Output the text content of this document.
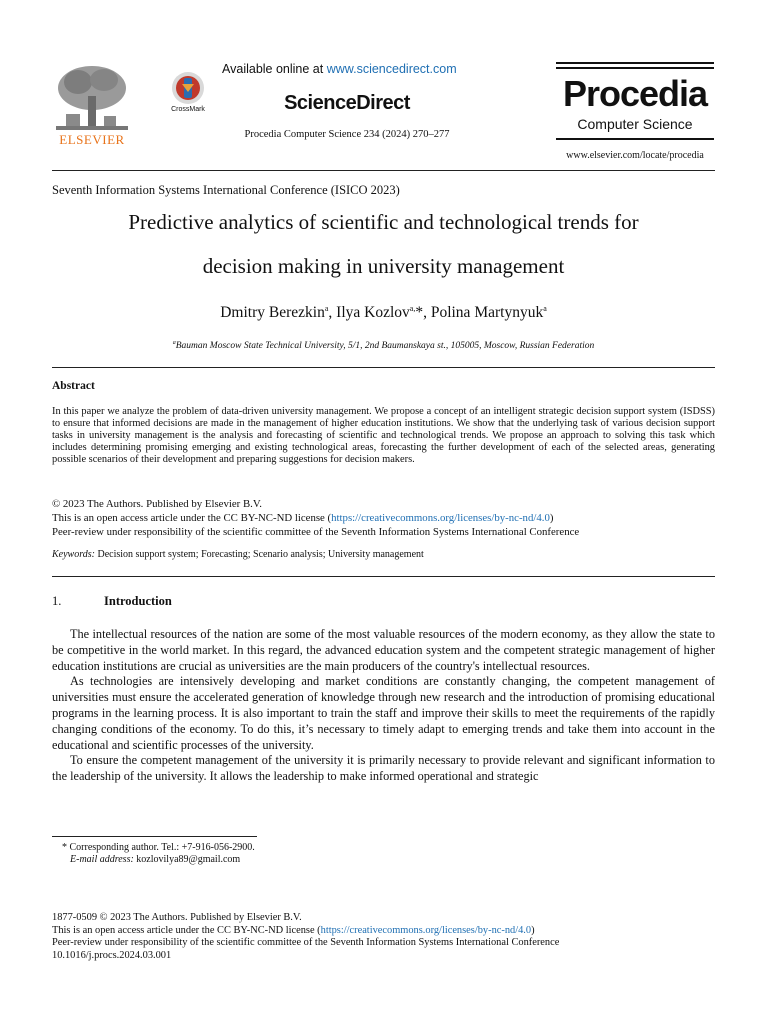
ELSEVIER
CrossMark
Available online at www.sciencedirect.com
ScienceDirect
Procedia Computer Science 234 (2024) 270–277
Procedia
Computer Science
www.elsevier.com/locate/procedia
Seventh Information Systems International Conference (ISICO 2023)
Predictive analytics of scientific and technological trends for
decision making in university management
Dmitry Berezkin$^a$, Ilya Kozlov$^{a,}$*, Polina Martynyuk$^a$
$^a$Bauman Moscow State Technical University, 5/1, 2nd Baumanskaya st., 105005, Moscow, Russian Federation
Abstract
In this paper we analyze the problem of data-driven university management. We propose a concept of an intelligent strategic decision support system (ISDSS) to ensure that informed decisions are made in the management of higher education institutions. We show that the underlying task of various decision support tasks in university management is the analysis and forecasting of scientific and technological trends. We propose an approach to solving this task which includes determining promising emerging and existing technological areas, forecasting the further development of each of the selected areas, generating possible scenarios of their development and preparing suggestions for decision makers.
© 2023 The Authors. Published by Elsevier B.V.
This is an open access article under the CC BY-NC-ND license (https://creativecommons.org/licenses/by-nc-nd/4.0)
Peer-review under responsibility of the scientific committee of the Seventh Information Systems International Conference
Keywords: Decision support system; Forecasting; Scenario analysis; University management
1.	Introduction

The intellectual resources of the nation are some of the most valuable resources of the modern economy, as they allow the state to be competitive in the world market. In this regard, the advanced education system and the competent strategic management of higher education institutions are crucial as universities are the main producers of the country's intellectual resources.

As technologies are intensively developing and market conditions are constantly changing, the competent management of universities must ensure the accelerated generation of knowledge through new research and the introduction of promising educational programs in the learning process. It is also important to train the staff and improve their skills to meet the requirements of the rapidly changing conditions of the economy. To do this, it’s necessary to timely adapt to emerging trends and take them into account in the educational and scientific processes of the university.

To ensure the competent management of the university it is primarily necessary to provide relevant and significant information to the leadership of the university. It allows the leadership to make informed operational and strategic

* Corresponding author. Tel.: +7-916-056-2900.
E-mail address: kozlovilya89@gmail.com
1877-0509 © 2023 The Authors. Published by Elsevier B.V.
This is an open access article under the CC BY-NC-ND license (https://creativecommons.org/licenses/by-nc-nd/4.0)
Peer-review under responsibility of the scientific committee of the Seventh Information Systems International Conference
10.1016/j.procs.2024.03.001
